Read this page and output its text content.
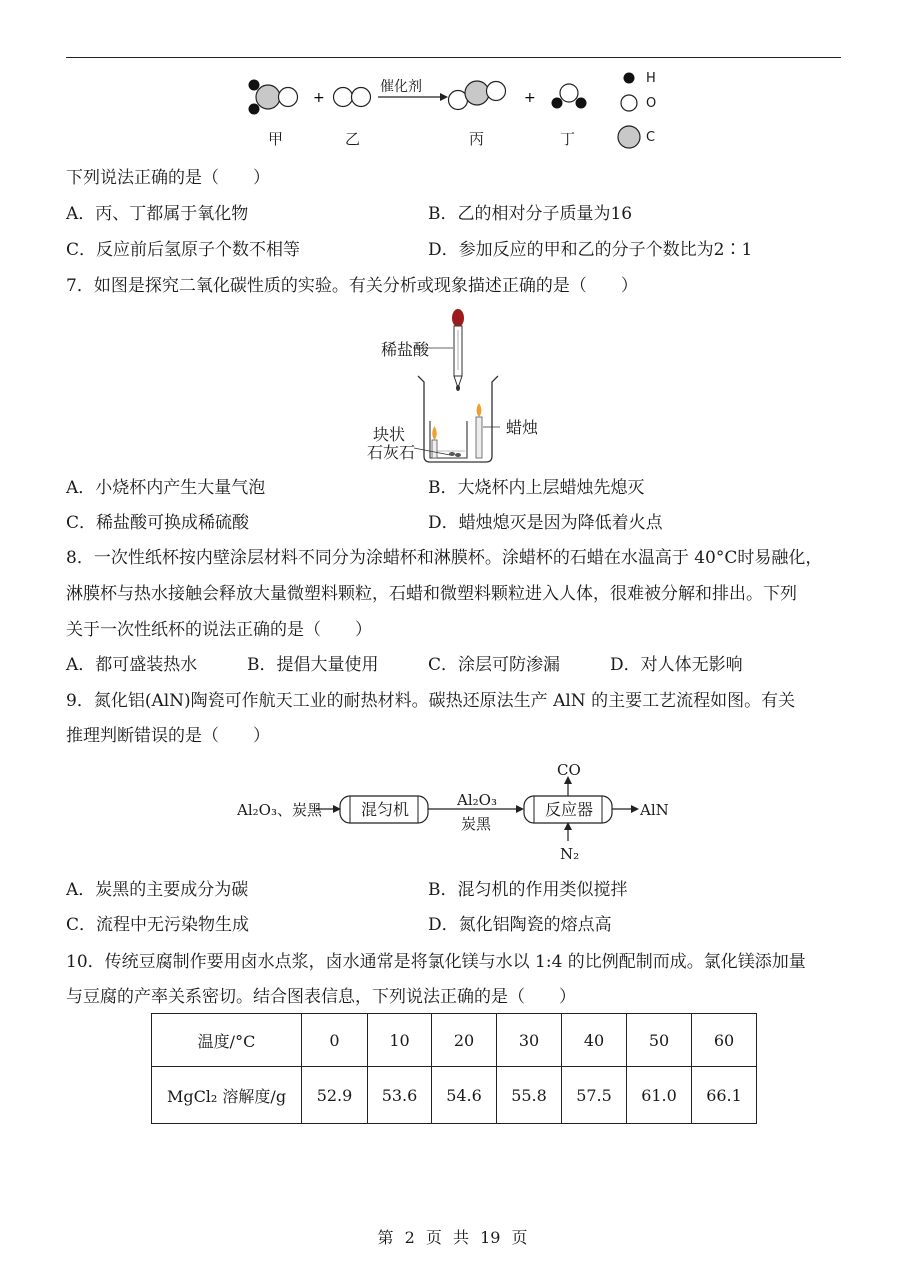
+	+
催化剂
甲	乙	丙	丁
H
O
C
下列说法正确的是（　　）
A．丙、丁都属于氧化物	B．乙的相对分子质量为16
C．反应前后氢原子个数不相等	D．参加反应的甲和乙的分子个数比为2∶1
7．如图是探究二氧化碳性质的实验。有关分析或现象描述正确的是（　　）
稀盐酸
蜡烛
块状
石灰石
A．小烧杯内产生大量气泡	B．大烧杯内上层蜡烛先熄灭
C．稀盐酸可换成稀硫酸	D．蜡烛熄灭是因为降低着火点
8．一次性纸杯按内壁涂层材料不同分为涂蜡杯和淋膜杯。涂蜡杯的石蜡在水温高于 40°C时易融化，
淋膜杯与热水接触会释放大量微塑料颗粒，石蜡和微塑料颗粒进入人体，很难被分解和排出。下列
关于一次性纸杯的说法正确的是（　　）
A．都可盛装热水	B．提倡大量使用	C．涂层可防渗漏	D．对人体无影响
9．氮化铝(AlN)陶瓷可作航天工业的耐热材料。碳热还原法生产 AlN 的主要工艺流程如图。有关
推理判断错误的是（　　）
Al₂O₃、炭黑 混匀机	Al₂O₃
炭黑
反应器	AlN
CO
N₂
A．炭黑的主要成分为碳	B．混匀机的作用类似搅拌
C．流程中无污染物生成	D．氮化铝陶瓷的熔点高
10．传统豆腐制作要用卤水点浆，卤水通常是将氯化镁与水以 1:4 的比例配制而成。氯化镁添加量
与豆腐的产率关系密切。结合图表信息，下列说法正确的是（　　）
温度/°C	0	10	20	30	40	50	60
MgCl₂ 溶解度/g	52.9	53.6	54.6	55.8	57.5	61.0	66.1
第 2 页 共 19 页
